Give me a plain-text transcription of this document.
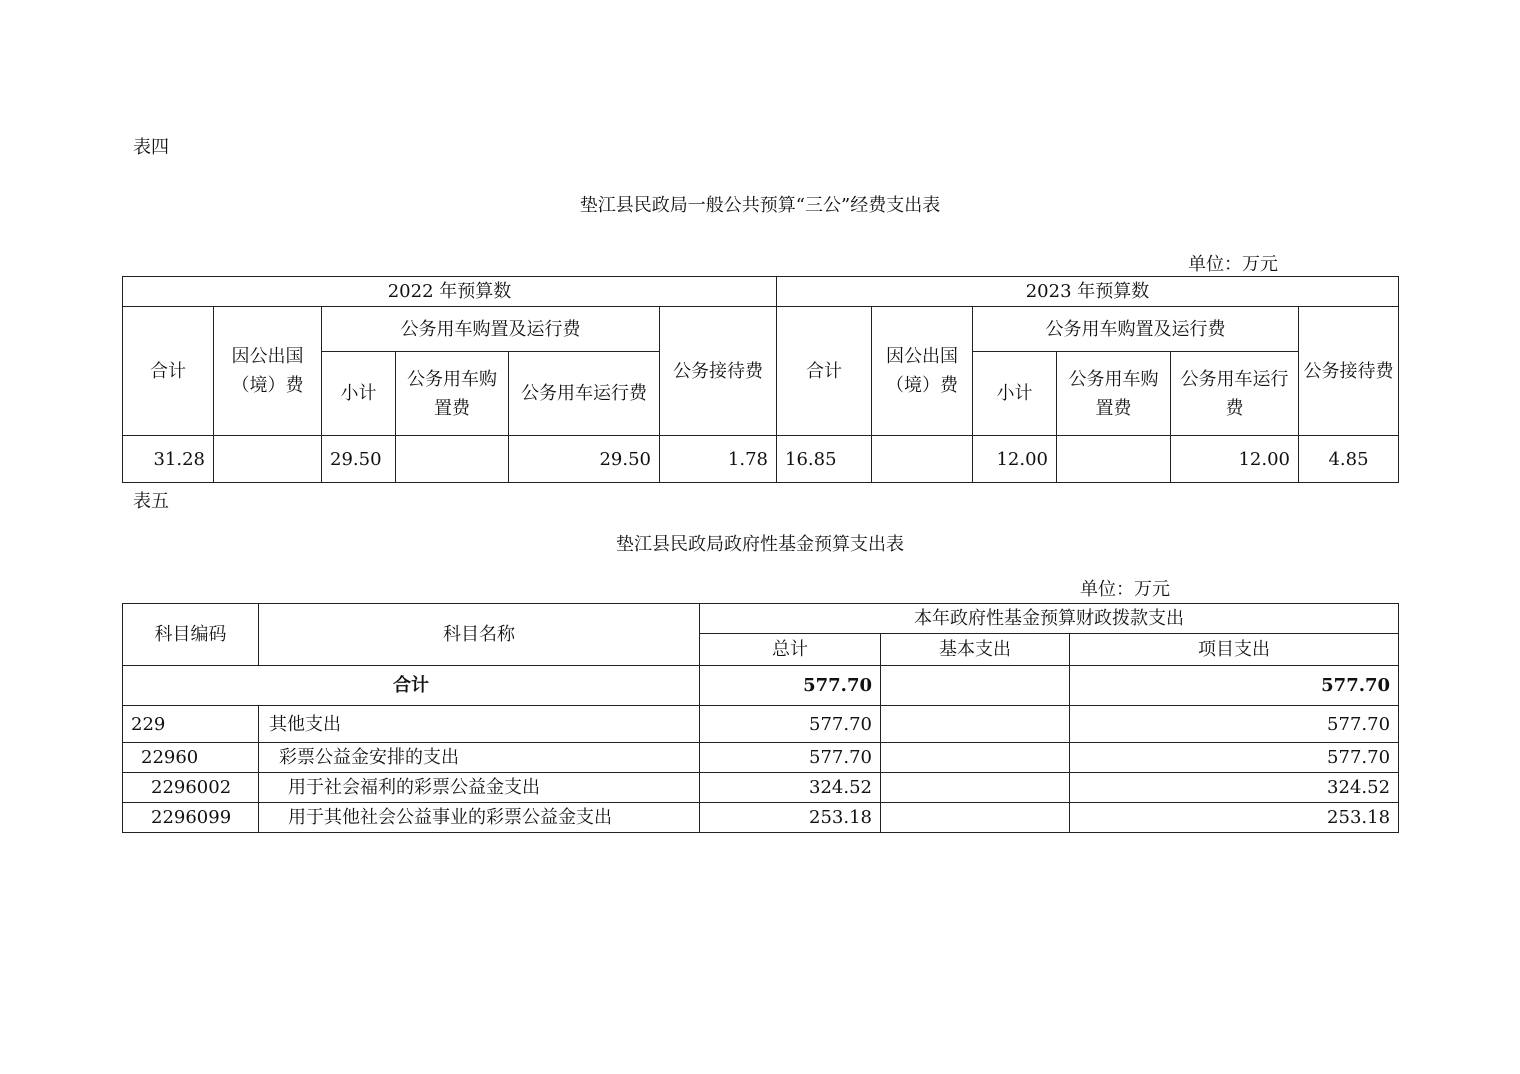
表四
垫江县民政局一般公共预算“三公”经费支出表
单位：万元
2022 年预算数						2023 年预算数					
合计	因公出国（境）费	公务用车购置及运行费			公务接待费	合计	因公出国（境）费	公务用车购置及运行费			公务接待费
		小计	公务用车购置费	公务用车运行费				小计	公务用车购置费	公务用车运行费	
31.28		29.50		29.50	1.78	16.85		12.00		12.00	4.85
表五
垫江县民政局政府性基金预算支出表
单位：万元
科目编码	科目名称	本年政府性基金预算财政拨款支出		
		总计	基本支出	项目支出
合计		577.70		577.70
229	其他支出	577.70		577.70
22960	彩票公益金安排的支出	577.70		577.70
2296002	用于社会福利的彩票公益金支出	324.52		324.52
2296099	用于其他社会公益事业的彩票公益金支出	253.18		253.18
